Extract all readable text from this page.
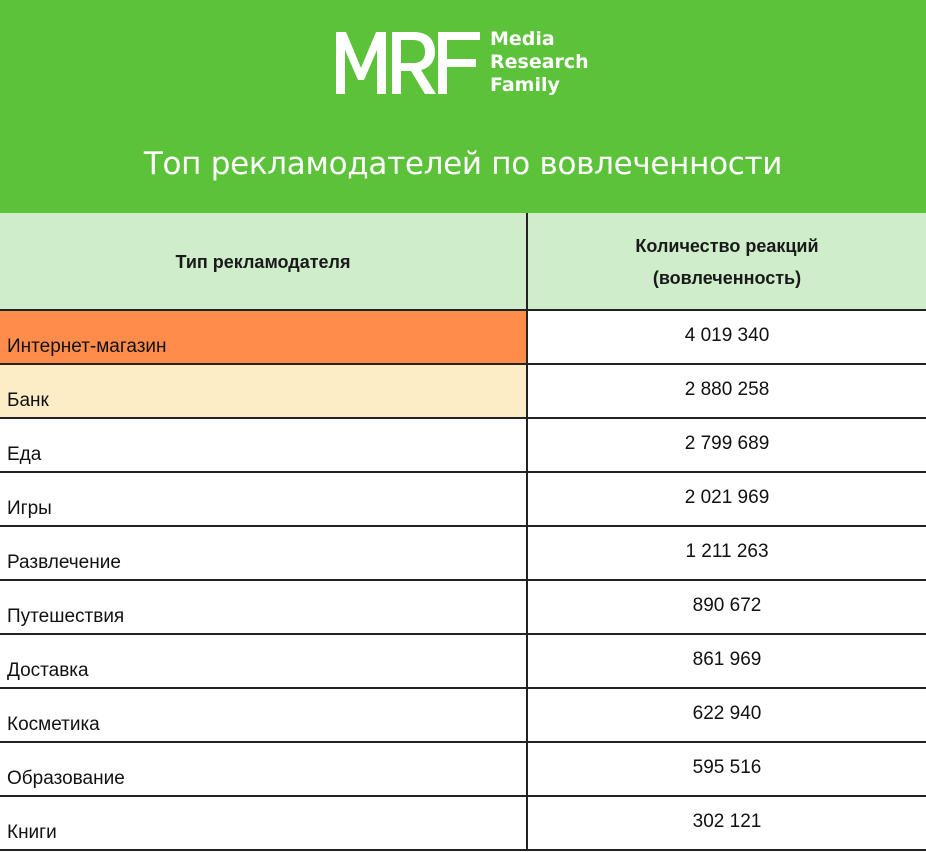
Media
Research
Family
Топ рекламодателей по вовлеченности
Тип рекламодателя
Количество реакций
(вовлеченность)
Интернет-магазин
4 019 340
Банк
2 880 258
Еда
2 799 689
Игры
2 021 969
Развлечение
1 211 263
Путешествия
890 672
Доставка
861 969
Косметика
622 940
Образование
595 516
Книги
302 121
